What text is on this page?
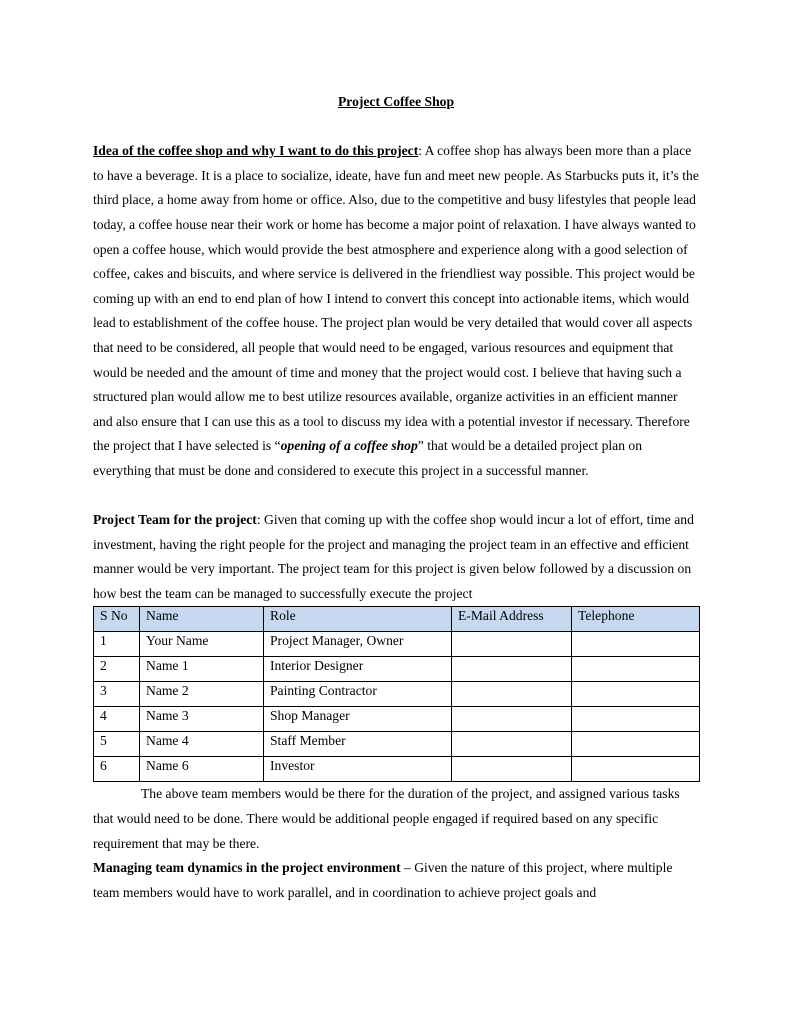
Project Coffee Shop

Idea of the coffee shop and why I want to do this project: A coffee shop has always been more than a place to have a beverage. It is a place to socialize, ideate, have fun and meet new people. As Starbucks puts it, it’s the third place, a home away from home or office. Also, due to the competitive and busy lifestyles that people lead today, a coffee house near their work or home has become a major point of relaxation. I have always wanted to open a coffee house, which would provide the best atmosphere and experience along with a good selection of coffee, cakes and biscuits, and where service is delivered in the friendliest way possible. This project would be coming up with an end to end plan of how I intend to convert this concept into actionable items, which would lead to establishment of the coffee house. The project plan would be very detailed that would cover all aspects that need to be considered, all people that would need to be engaged, various resources and equipment that would be needed and the amount of time and money that the project would cost. I believe that having such a structured plan would allow me to best utilize resources available, organize activities in an efficient manner and also ensure that I can use this as a tool to discuss my idea with a potential investor if necessary. Therefore the project that I have selected is “opening of a coffee shop” that would be a detailed project plan on everything that must be done and considered to execute this project in a successful manner.

Project Team for the project: Given that coming up with the coffee shop would incur a lot of effort, time and investment, having the right people for the project and managing the project team in an effective and efficient manner would be very important. The project team for this project is given below followed by a discussion on how best the team can be managed to successfully execute the project

S No	Name	Role	E-Mail Address	Telephone
1	Your Name	Project Manager, Owner		
2	Name 1	Interior Designer		
3	Name 2	Painting Contractor		
4	Name 3	Shop Manager		
5	Name 4	Staff Member		
6	Name 6	Investor		

The above team members would be there for the duration of the project, and assigned various tasks that would need to be done. There would be additional people engaged if required based on any specific requirement that may be there.

Managing team dynamics in the project environment – Given the nature of this project, where multiple team members would have to work parallel, and in coordination to achieve project goals and
